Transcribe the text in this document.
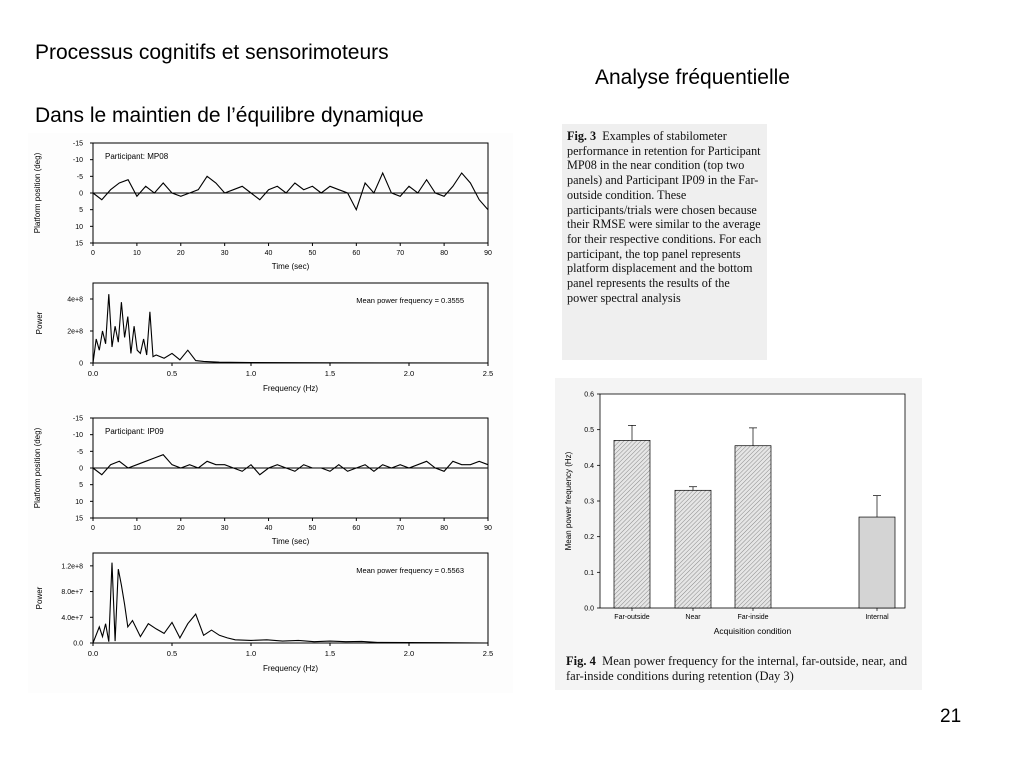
Processus cognitifs et sensorimoteurs
Dans le maintien de l’équilibre dynamique
Analyse fréquentielle
-15
-10
-5
0
5
10
15
0	10	20	30	40	50	60	70	80	90
Participant: MP08
Time (sec)
Platform position (deg)
0
2e+8
4e+8
0.0	0.5	1.0	1.5	2.0	2.5
Mean power frequency = 0.3555
Frequency (Hz)
Power
-15
-10
-5
0
5
10
15
0	10	20	30	40	50	60	70	80	90
Participant: IP09
Time (sec)
Platform position (deg)
0.0
4.0e+7
8.0e+7
1.2e+8
0.0	0.5	1.0	1.5	2.0	2.5
Mean power frequency = 0.5563
Frequency (Hz)
Power

Fig. 3 Examples of stabilometer performance in retention for Participant MP08 in the near condition (top two panels) and Participant IP09 in the Far-outside condition. These participants/trials were chosen because their RMSE were similar to the average for their respective conditions. For each participant, the top panel represents platform displacement and the bottom panel represents the results of the power spectral analysis

0.0
0.1
0.2
0.3
0.4
0.5
0.6
Far-outside	Near	Far-inside	Internal
Acquisition condition
Mean power frequency (Hz)
Fig. 4 Mean power frequency for the internal, far-outside, near, and far-inside conditions during retention (Day 3)
21
